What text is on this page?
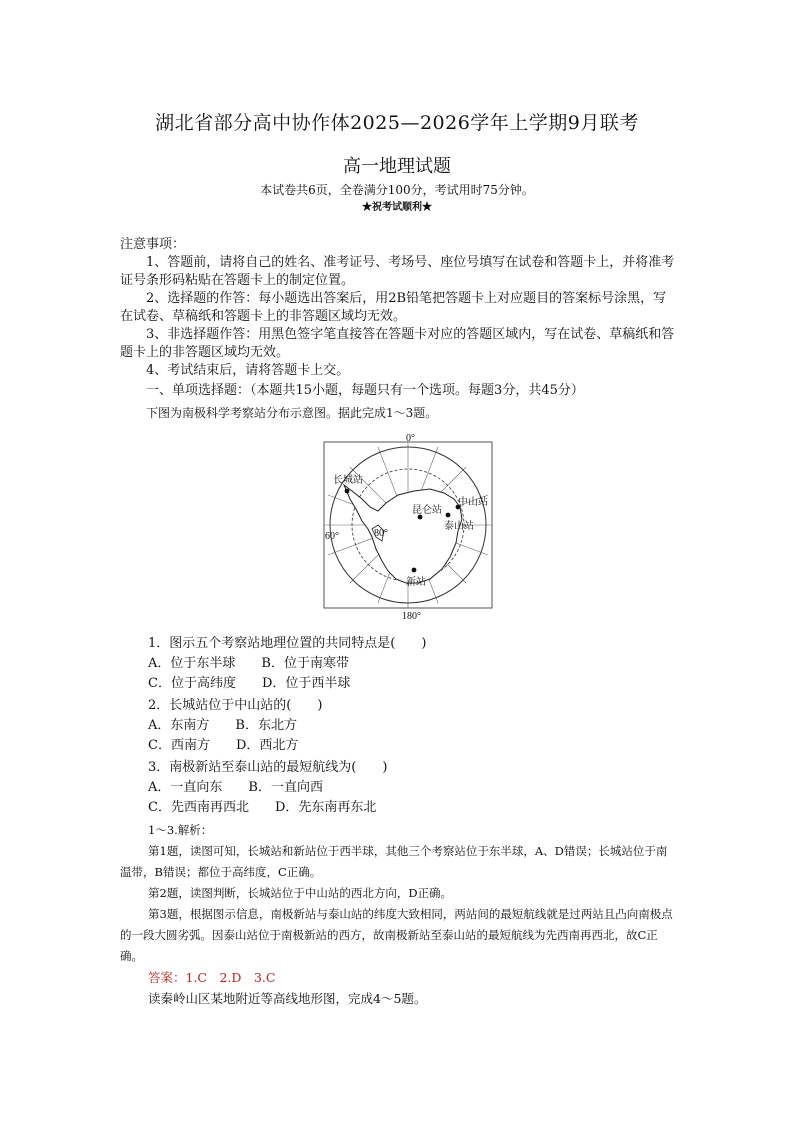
湖北省部分高中协作体2025—2026学年上学期9月联考
高一地理试题
本试卷共6页，全卷满分100分，考试用时75分钟。
★祝考试顺利★

注意事项：

1、答题前，请将自己的姓名、准考证号、考场号、座位号填写在试卷和答题卡上，并将准考证号条形码粘贴在答题卡上的制定位置。

2、选择题的作答：每小题选出答案后，用2B铅笔把答题卡上对应题目的答案标号涂黑，写在试卷、草稿纸和答题卡上的非答题区域均无效。

3、非选择题作答：用黑色签字笔直接答在答题卡对应的答题区域内，写在试卷、草稿纸和答题卡上的非答题区域均无效。

4、考试结束后，请将答题卡上交。

一、单项选择题：（本题共15小题，每题只有一个选项。每题3分，共45分）

下图为南极科学考察站分布示意图。据此完成1～3题。

0°
180°
60°	80°
长城站
昆仑站
中山站
泰山站
新站
1．图示五个考察站地理位置的共同特点是(　　)
A．位于东半球　　B．位于南寒带
C．位于高纬度　　D．位于西半球
2．长城站位于中山站的(　　)
A．东南方　　B．东北方
C．西南方　　D．西北方
3．南极新站至泰山站的最短航线为(　　)
A．一直向东　　B．一直向西
C．先西南再西北　　D．先东南再东北

1～3.解析：

第1题，读图可知，长城站和新站位于西半球，其他三个考察站位于东半球，A、D错误；长城站位于南温带，B错误；都位于高纬度，C正确。

第2题，读图判断，长城站位于中山站的西北方向，D正确。

第3题，根据图示信息，南极新站与泰山站的纬度大致相同，两站间的最短航线就是过两站且凸向南极点的一段大圆劣弧。因泰山站位于南极新站的西方，故南极新站至泰山站的最短航线为先西南再西北，故C正确。

答案：1.C　2.D　3.C

读秦岭山区某地附近等高线地形图，完成4～5题。
